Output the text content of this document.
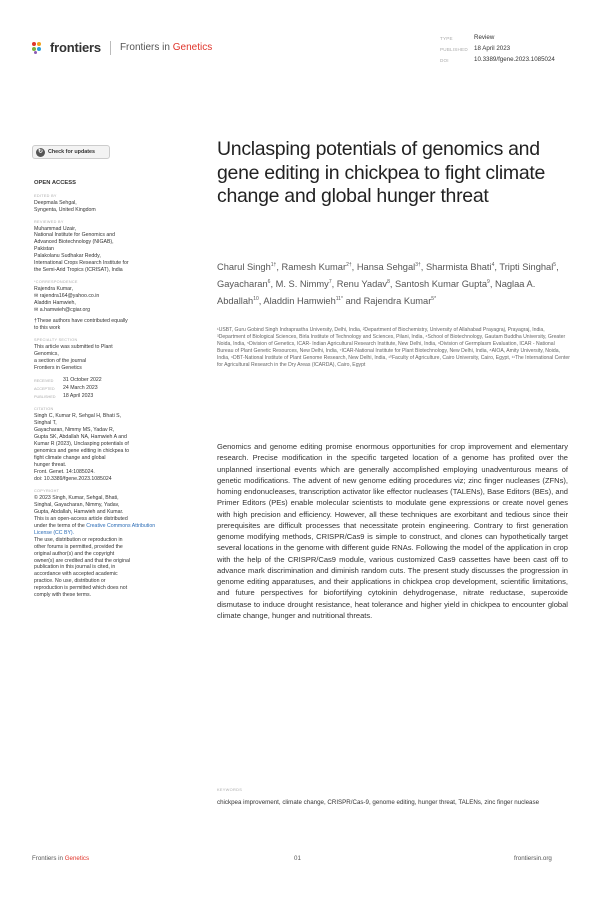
frontiers Frontiers in Genetics
TYPE	Review
PUBLISHED 18 April 2023
DOI	10.3389/fgene.2023.1085024
↻ Check for updates
OPEN ACCESS
EDITED BY
Deepmala Sehgal,
Syngenta, United Kingdom
REVIEWED BY
Muhammad Uzair,
National Institute for Genomics and
Advanced Biotechnology (NIGAB),
Pakistan
Palakolanu Sudhakar Reddy,
International Crops Research Institute for
the Semi-Arid Tropics (ICRISAT), India
*CORRESPONDENCE
Rajendra Kumar,
✉ rajendra164@yahoo.co.in
Aladdin Hamwieh,
✉ a.hamwieh@cgiar.org
†These authors have contributed equally
to this work
SPECIALTY SECTION
This article was submitted to Plant
Genomics,
a section of the journal
Frontiers in Genetics
RECEIVED	31 October 2022
ACCEPTED	24 March 2023
PUBLISHED	18 April 2023
CITATION
Singh C, Kumar R, Sehgal H, Bhati S,
Singhal T,
Gayacharan, Nimmy MS, Yadav R,
Gupta SK, Abdallah NA, Hamwieh A and
Kumar R (2023), Unclasping potentials of
genomics and gene editing in chickpea to
fight climate change and global
hunger threat.
Front. Genet. 14:1085024.
doi: 10.3389/fgene.2023.1085024
COPYRIGHT
© 2023 Singh, Kumar, Sehgal, Bhati,
Singhal, Gayacharan, Nimmy, Yadav,
Gupta, Abdallah, Hamwieh and Kumar.
This is an open-access article distributed
under the terms of the Creative Commons Attribution License (CC BY).
The use, distribution or reproduction in
other forums is permitted, provided the
original author(s) and the copyright
owner(s) are credited and that the original
publication in this journal is cited, in
accordance with accepted academic
practice. No use, distribution or
reproduction is permitted which does not
comply with these terms.
Unclasping potentials of genomics and gene editing in chickpea to fight climate change and global hunger threat
Charul Singh$^{1\dagger}$, Ramesh Kumar$^{2\dagger}$, Hansa Sehgal$^{3\dagger}$, Sharmista Bhati$^4$, Tripti Singhal$^5$, Gayacharan$^6$, M. S. Nimmy$^7$, Renu Yadav$^8$, Santosh Kumar Gupta$^9$, Naglaa A. Abdallah$^{10}$, Aladdin Hamwieh$^{11*}$ and Rajendra Kumar$^{5*}$
¹USBT, Guru Gobind Singh Indraprastha University, Delhi, India, ²Department of Biochemistry, University of Allahabad Prayagraj, Prayagraj, India, ³Department of Biological Sciences, Birla Institute of Technology and Sciences, Pilani, India, ⁴School of Biotechnology, Gautam Buddha University, Greater Noida, India, ⁵Division of Genetics, ICAR- Indian Agricultural Research Institute, New Delhi, India, ⁶Division of Germplasm Evaluation, ICAR - National Bureau of Plant Genetic Resources, New Delhi, India, ⁷ICAR-National Institute for Plant Biotechnology, New Delhi, India, ⁸AIOA, Amity University, Noida, India, ⁹DBT-National Institute of Plant Genome Research, New Delhi, India, ¹⁰Faculty of Agriculture, Cairo University, Cairo, Egypt, ¹¹The International Center for Agricultural Research in the Dry Areas (ICARDA), Cairo, Egypt
Genomics and genome editing promise enormous opportunities for crop improvement and elementary research. Precise modification in the specific targeted location of a genome has profited over the unplanned insertional events which are generally accomplished employing unadventurous means of genetic modifications. The advent of new genome editing procedures viz; zinc finger nucleases (ZFNs), homing endonucleases, transcription activator like effector nucleases (TALENs), Base Editors (BEs), and Primer Editors (PEs) enable molecular scientists to modulate gene expressions or create novel genes with high precision and efficiency. However, all these techniques are exorbitant and tedious since their prerequisites are difficult processes that necessitate protein engineering. Contrary to first generation genome modifying methods, CRISPR/Cas9 is simple to construct, and clones can hypothetically target several locations in the genome with different guide RNAs. Following the model of the application in crop with the help of the CRISPR/Cas9 module, various customized Cas9 cassettes have been cast off to advance mark discrimination and diminish random cuts. The present study discusses the progression in genome editing apparatuses, and their applications in chickpea crop development, scientific limitations, and future perspectives for biofortifying cytokinin dehydrogenase, nitrate reductase, superoxide dismutase to induce drought resistance, heat tolerance and higher yield in chickpea to encounter global climate change, hunger and nutritional threats.
KEYWORDS
chickpea improvement, climate change, CRISPR/Cas-9, genome editing, hunger threat, TALENs, zinc finger nuclease
Frontiers in Genetics	01	frontiersin.org
